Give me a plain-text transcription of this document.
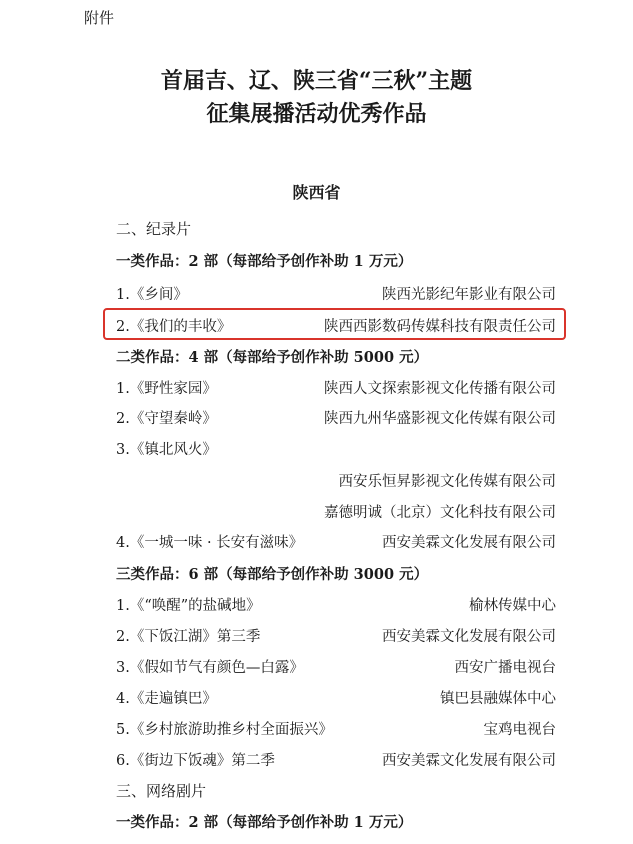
附件
首届吉、辽、陕三省“三秋”主题
征集展播活动优秀作品
陕西省
二、纪录片
一类作品：2 部（每部给予创作补助 1 万元）
1.《乡间》	陕西光影纪年影业有限公司
2.《我们的丰收》	陕西西影数码传媒科技有限责任公司
二类作品：4 部（每部给予创作补助 5000 元）
1.《野性家园》	陕西人文探索影视文化传播有限公司
2.《守望秦岭》	陕西九州华盛影视文化传媒有限公司
3.《镇北风火》
西安乐恒昇影视文化传媒有限公司
嘉德明诚（北京）文化科技有限公司
4.《一城一味 · 长安有滋味》	西安美霖文化发展有限公司
三类作品：6 部（每部给予创作补助 3000 元）
1.《“唤醒”的盐碱地》	榆林传媒中心
2.《下饭江湖》第三季	西安美霖文化发展有限公司
3.《假如节气有颜色—白露》	西安广播电视台
4.《走遍镇巴》	镇巴县融媒体中心
5.《乡村旅游助推乡村全面振兴》	宝鸡电视台
6.《街边下饭魂》第二季	西安美霖文化发展有限公司
三、网络剧片
一类作品：2 部（每部给予创作补助 1 万元）
